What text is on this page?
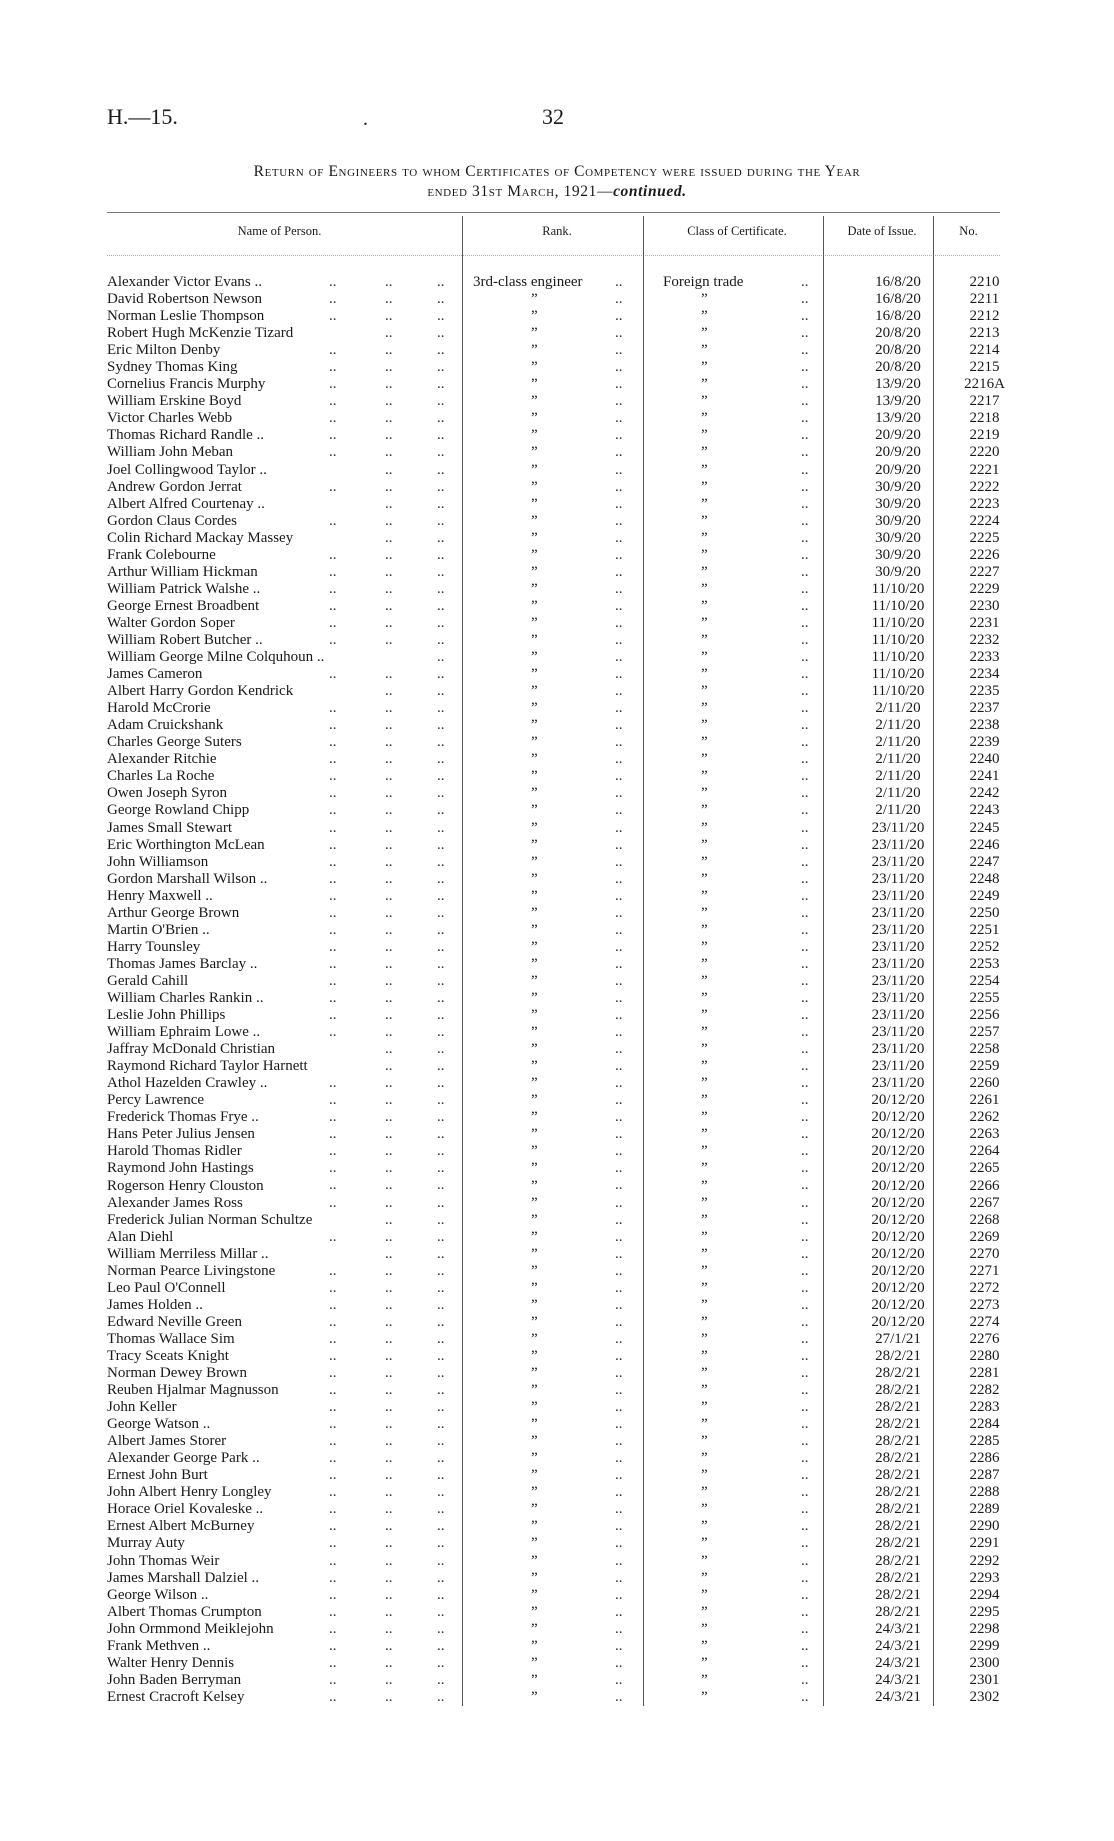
H.—15.	.	32
Return of Engineers to whom Certificates of Competency were issued during the Year
ended 31st March, 1921—continued.
Name of Person.	Rank.	Class of Certificate.	Date of Issue.	No.
Alexander Victor Evans .. .. .. ..	3rd-class engineer ..	Foreign trade ..	16/8/20	2210
David Robertson Newson .. .. ..	” ..	” ..	16/8/20	2211
Norman Leslie Thompson .. .. ..	” ..	” ..	16/8/20	2212
Robert Hugh McKenzie Tizard .. ..	” ..	” ..	20/8/20	2213
Eric Milton Denby .. .. ..	” ..	” ..	20/8/20	2214
Sydney Thomas King .. .. ..	” ..	” ..	20/8/20	2215
Cornelius Francis Murphy .. .. ..	” ..	” ..	13/9/20	2216A
William Erskine Boyd .. .. ..	” ..	” ..	13/9/20	2217
Victor Charles Webb .. .. ..	” ..	” ..	13/9/20	2218
Thomas Richard Randle .. .. .. ..	” ..	” ..	20/9/20	2219
William John Meban .. .. ..	” ..	” ..	20/9/20	2220
Joel Collingwood Taylor .. .. ..	” ..	” ..	20/9/20	2221
Andrew Gordon Jerrat .. .. ..	” ..	” ..	30/9/20	2222
Albert Alfred Courtenay .. .. ..	” ..	” ..	30/9/20	2223
Gordon Claus Cordes .. .. ..	” ..	” ..	30/9/20	2224
Colin Richard Mackay Massey .. ..	” ..	” ..	30/9/20	2225
Frank Colebourne .. .. ..	” ..	” ..	30/9/20	2226
Arthur William Hickman .. .. ..	” ..	” ..	30/9/20	2227
William Patrick Walshe .. .. .. ..	” ..	” ..	11/10/20	2229
George Ernest Broadbent .. .. ..	” ..	” ..	11/10/20	2230
Walter Gordon Soper .. .. ..	” ..	” ..	11/10/20	2231
William Robert Butcher .. .. .. ..	” ..	” ..	11/10/20	2232
William George Milne Colquhoun .. ..	” ..	” ..	11/10/20	2233
James Cameron .. .. ..	” ..	” ..	11/10/20	2234
Albert Harry Gordon Kendrick .. ..	” ..	” ..	11/10/20	2235
Harold McCrorie .. .. ..	” ..	” ..	2/11/20	2237
Adam Cruickshank .. .. ..	” ..	” ..	2/11/20	2238
Charles George Suters .. .. ..	” ..	” ..	2/11/20	2239
Alexander Ritchie .. .. ..	” ..	” ..	2/11/20	2240
Charles La Roche .. .. ..	” ..	” ..	2/11/20	2241
Owen Joseph Syron .. .. ..	” ..	” ..	2/11/20	2242
George Rowland Chipp .. .. ..	” ..	” ..	2/11/20	2243
James Small Stewart .. .. ..	” ..	” ..	23/11/20	2245
Eric Worthington McLean .. .. ..	” ..	” ..	23/11/20	2246
John Williamson .. .. ..	” ..	” ..	23/11/20	2247
Gordon Marshall Wilson .. .. .. ..	” ..	” ..	23/11/20	2248
Henry Maxwell .. .. .. ..	” ..	” ..	23/11/20	2249
Arthur George Brown .. .. ..	” ..	” ..	23/11/20	2250
Martin O'Brien .. .. .. ..	” ..	” ..	23/11/20	2251
Harry Tounsley .. .. ..	” ..	” ..	23/11/20	2252
Thomas James Barclay .. .. .. ..	” ..	” ..	23/11/20	2253
Gerald Cahill .. .. ..	” ..	” ..	23/11/20	2254
William Charles Rankin .. .. .. ..	” ..	” ..	23/11/20	2255
Leslie John Phillips .. .. ..	” ..	” ..	23/11/20	2256
William Ephraim Lowe .. .. .. ..	” ..	” ..	23/11/20	2257
Jaffray McDonald Christian .. ..	” ..	” ..	23/11/20	2258
Raymond Richard Taylor Harnett .. ..	” ..	” ..	23/11/20	2259
Athol Hazelden Crawley .. .. .. ..	” ..	” ..	23/11/20	2260
Percy Lawrence .. .. ..	” ..	” ..	20/12/20	2261
Frederick Thomas Frye .. .. .. ..	” ..	” ..	20/12/20	2262
Hans Peter Julius Jensen .. .. ..	” ..	” ..	20/12/20	2263
Harold Thomas Ridler .. .. ..	” ..	” ..	20/12/20	2264
Raymond John Hastings .. .. ..	” ..	” ..	20/12/20	2265
Rogerson Henry Clouston .. .. ..	” ..	” ..	20/12/20	2266
Alexander James Ross .. .. ..	” ..	” ..	20/12/20	2267
Frederick Julian Norman Schultze .. ..	” ..	” ..	20/12/20	2268
Alan Diehl .. .. ..	” ..	” ..	20/12/20	2269
William Merriless Millar .. .. ..	” ..	” ..	20/12/20	2270
Norman Pearce Livingstone .. .. ..	” ..	” ..	20/12/20	2271
Leo Paul O'Connell .. .. ..	” ..	” ..	20/12/20	2272
James Holden .. .. .. ..	” ..	” ..	20/12/20	2273
Edward Neville Green .. .. ..	” ..	” ..	20/12/20	2274
Thomas Wallace Sim .. .. ..	” ..	” ..	27/1/21	2276
Tracy Sceats Knight .. .. ..	” ..	” ..	28/2/21	2280
Norman Dewey Brown .. .. ..	” ..	” ..	28/2/21	2281
Reuben Hjalmar Magnusson .. .. ..	” ..	” ..	28/2/21	2282
John Keller .. .. ..	” ..	” ..	28/2/21	2283
George Watson .. .. .. ..	” ..	” ..	28/2/21	2284
Albert James Storer .. .. ..	” ..	” ..	28/2/21	2285
Alexander George Park .. .. .. ..	” ..	” ..	28/2/21	2286
Ernest John Burt .. .. ..	” ..	” ..	28/2/21	2287
John Albert Henry Longley .. .. ..	” ..	” ..	28/2/21	2288
Horace Oriel Kovaleske .. .. .. ..	” ..	” ..	28/2/21	2289
Ernest Albert McBurney .. .. ..	” ..	” ..	28/2/21	2290
Murray Auty .. .. ..	” ..	” ..	28/2/21	2291
John Thomas Weir .. .. ..	” ..	” ..	28/2/21	2292
James Marshall Dalziel .. .. .. ..	” ..	” ..	28/2/21	2293
George Wilson .. .. .. ..	” ..	” ..	28/2/21	2294
Albert Thomas Crumpton .. .. ..	” ..	” ..	28/2/21	2295
John Ormmond Meiklejohn .. .. ..	” ..	” ..	24/3/21	2298
Frank Methven .. .. .. ..	” ..	” ..	24/3/21	2299
Walter Henry Dennis .. .. ..	” ..	” ..	24/3/21	2300
John Baden Berryman .. .. ..	” ..	” ..	24/3/21	2301
Ernest Cracroft Kelsey .. .. ..	” ..	” ..	24/3/21	2302
